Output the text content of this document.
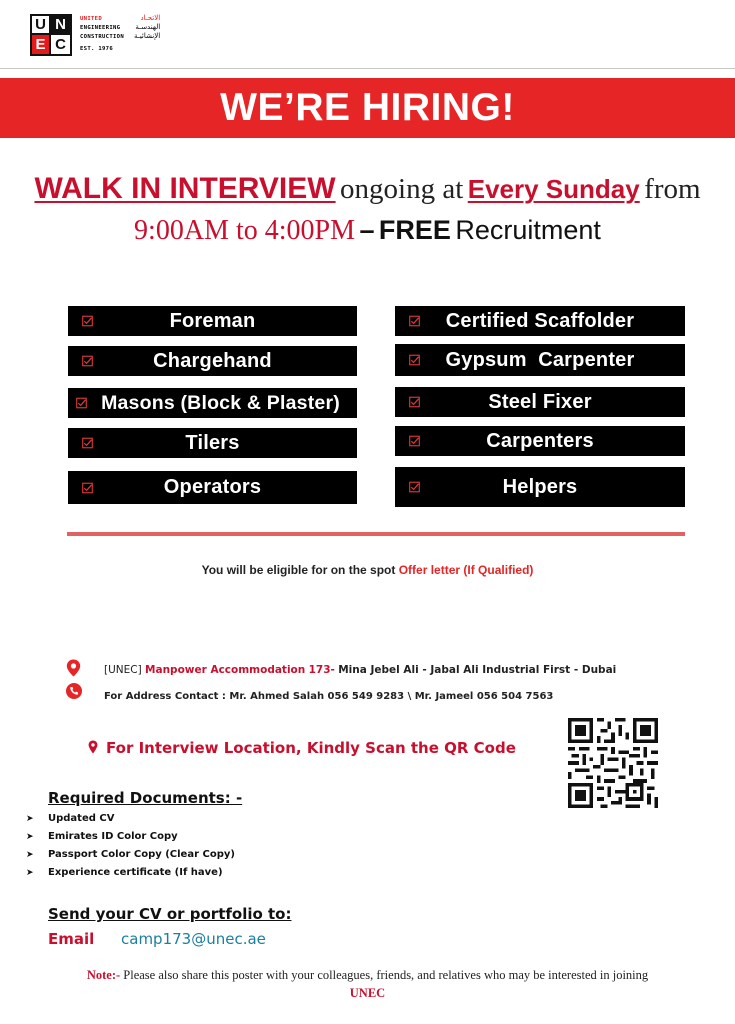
U N
E C
UNITED
ENGINEERING
CONSTRUCTION
EST. 1976
الاتحـاد
الهندسـة
الإنشائيـة
WE’RE HIRING!
WALK IN INTERVIEW ongoing at Every Sunday from
9:00AM to 4:00PM – FREE Recruitment
Foreman
Chargehand
Masons (Block & Plaster)
Tilers
Operators
Certified Scaffolder
Gypsum  Carpenter
Steel Fixer
Carpenters
Helpers
You will be eligible for on the spot Offer letter (If Qualified)
[UNEC] Manpower Accommodation 173- Mina Jebel Ali - Jabal Ali Industrial First - Dubai
For Address Contact : Mr. Ahmed Salah 056 549 9283 \ Mr. Jameel 056 504 7563
For Interview Location, Kindly Scan the QR Code
Required Documents: -
➤ Updated CV
➤ Emirates ID Color Copy
➤ Passport Color Copy (Clear Copy)
➤ Experience certificate (If have)
Send your CV or portfolio to:
Email camp173@unec.ae
Note:- Please also share this poster with your colleagues, friends, and relatives who may be interested in joining
UNEC
